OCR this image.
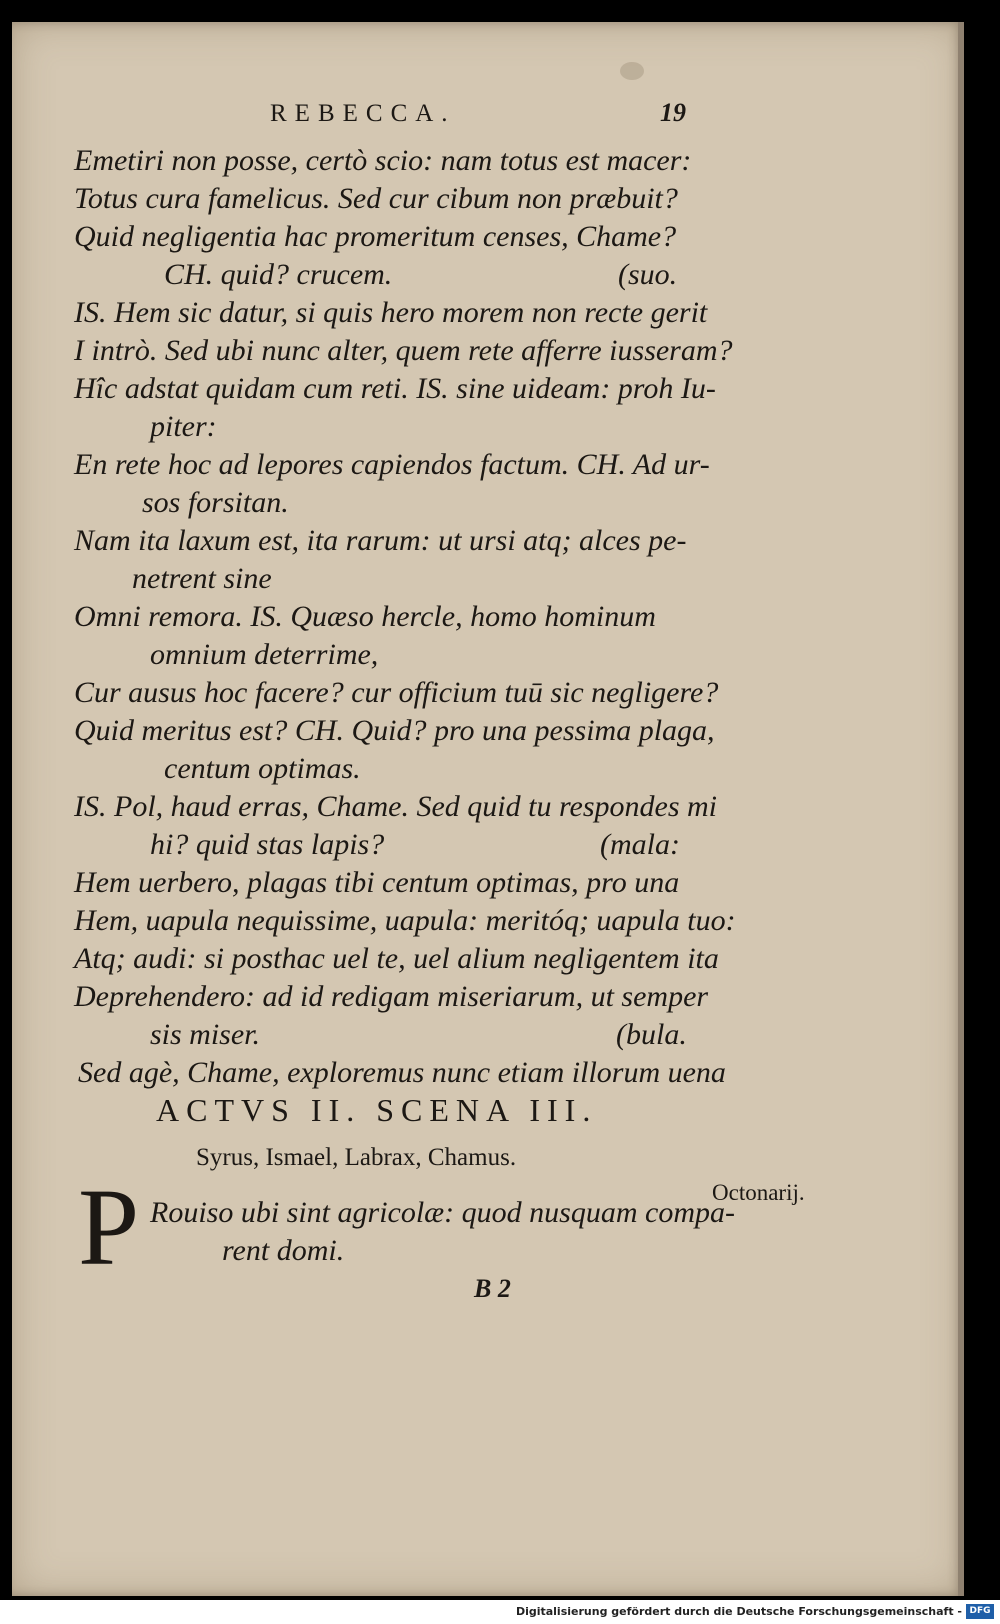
REBECCA.	19
Emetiri non posse, certò scio: nam totus est macer:
Totus cura famelicus. Sed cur cibum non præbuit?
Quid negligentia hac promeritum censes, Chame?
CH. quid? crucem.	(suo.
IS. Hem sic datur, si quis hero morem non recte gerit
I intrò. Sed ubi nunc alter, quem rete afferre iusseram?
Hîc adstat quidam cum reti. IS. sine uideam: proh Iu-
piter:
En rete hoc ad lepores capiendos factum. CH. Ad ur-
sos forsitan.
Nam ita laxum est, ita rarum: ut ursi atq; alces pe-
netrent sine
Omni remora. IS. Quæso hercle, homo hominum
omnium deterrime,
Cur ausus hoc facere? cur officium tuū sic negligere?
Quid meritus est? CH. Quid? pro una pessima plaga,
centum optimas.
IS. Pol, haud erras, Chame. Sed quid tu respondes mi
hi? quid stas lapis?	(mala:
Hem uerbero, plagas tibi centum optimas, pro una
Hem, uapula nequissime, uapula: meritóq; uapula tuo:
Atq; audi: si posthac uel te, uel alium negligentem ita
Deprehendero: ad id redigam miseriarum, ut semper
sis miser.	(bula.
Sed agè, Chame, exploremus nunc etiam illorum uena
ACTVS II. SCENA III.
Syrus, Ismael, Labrax, Chamus.
P Rouiso ubi sint agricolæ: quod nusquam compa-
rent domi.
Octonarij.
B 2
Digitalisierung gefördert durch die Deutsche Forschungsgemeinschaft - DFG
